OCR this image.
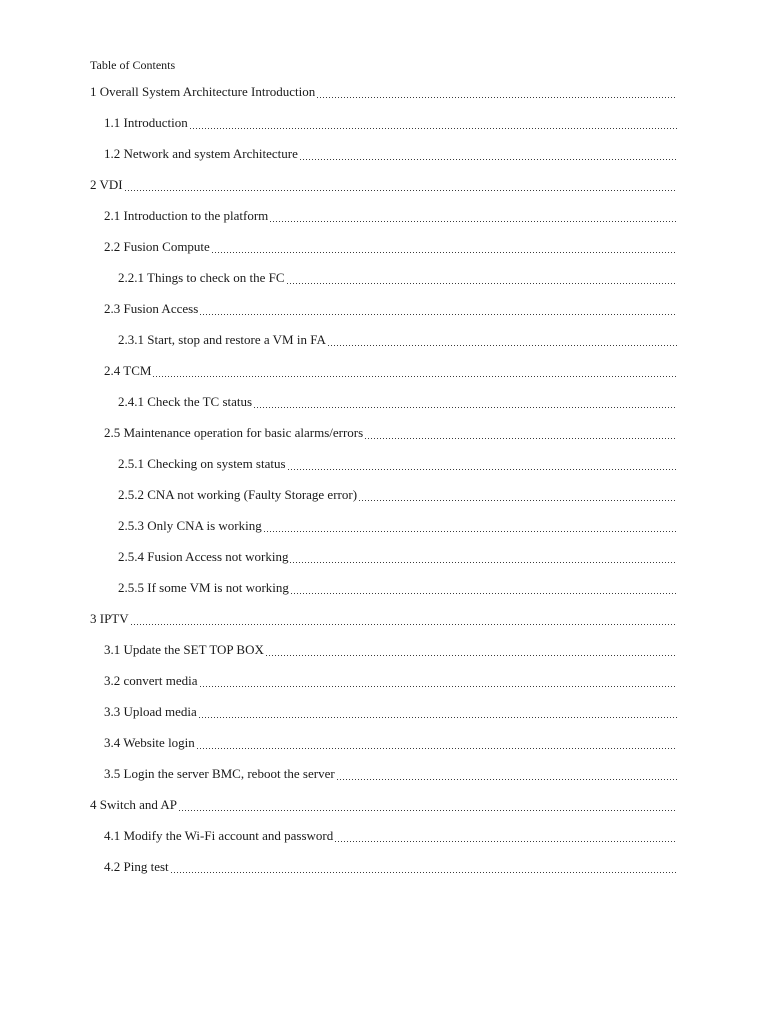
Table of Contents
1 Overall System Architecture Introduction
1.1 Introduction
1.2 Network and system Architecture
2 VDI
2.1 Introduction to the platform
2.2 Fusion Compute
2.2.1 Things to check on the FC
2.3 Fusion Access
2.3.1 Start, stop and restore a VM in FA
2.4 TCM
2.4.1 Check the TC status
2.5 Maintenance operation for basic alarms/errors
2.5.1 Checking on system status
2.5.2 CNA not working (Faulty Storage error)
2.5.3 Only CNA is working
2.5.4 Fusion Access not working
2.5.5 If some VM is not working
3 IPTV
3.1 Update the SET TOP BOX
3.2 convert media
3.3 Upload media
3.4 Website login
3.5 Login the server BMC, reboot the server
4 Switch and AP
4.1 Modify the Wi-Fi account and password
4.2 Ping test
